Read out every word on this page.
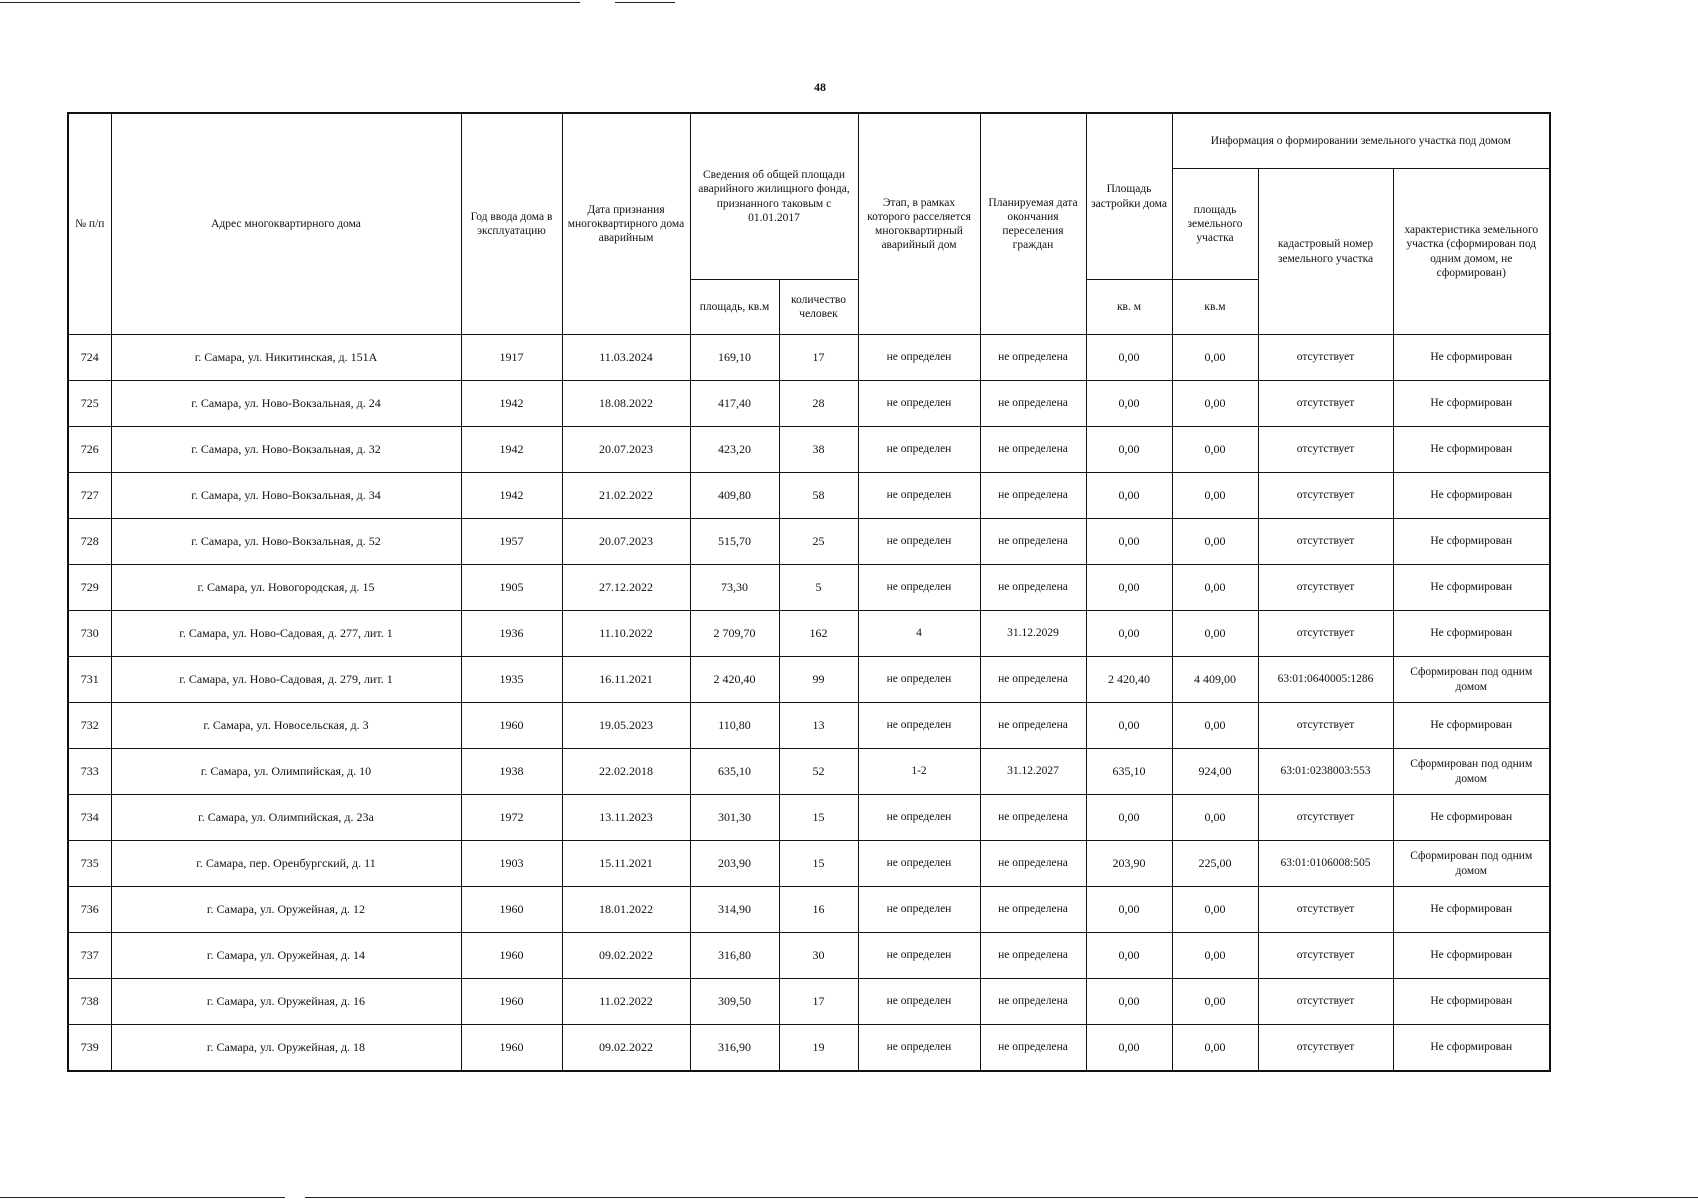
48
№ п/п	Адрес многоквартирного дома	Год ввода дома в эксплуатацию	Дата признания многоквартирного дома аварийным	Сведения об общей площади аварийного жилищного фонда, признанного таковым с 01.01.2017		Этап, в рамках которого расселяется многоквартирный аварийный дом	Планируемая дата окончания переселения граждан	Площадь застройки дома	Информация о формировании земельного участка под домом		
									площадь земельного участка	кадастровый номер земельного участка	характеристика земельного участка (сформирован под одним домом, не сформирован)
				площадь, кв.м	количество человек			кв. м	кв.м		
724	г. Самара, ул. Никитинская, д. 151А	1917	11.03.2024	169,10	17	не определен	не определена	0,00	0,00	отсутствует	Не сформирован
725	г. Самара, ул. Ново-Вокзальная, д. 24	1942	18.08.2022	417,40	28	не определен	не определена	0,00	0,00	отсутствует	Не сформирован
726	г. Самара, ул. Ново-Вокзальная, д. 32	1942	20.07.2023	423,20	38	не определен	не определена	0,00	0,00	отсутствует	Не сформирован
727	г. Самара, ул. Ново-Вокзальная, д. 34	1942	21.02.2022	409,80	58	не определен	не определена	0,00	0,00	отсутствует	Не сформирован
728	г. Самара, ул. Ново-Вокзальная, д. 52	1957	20.07.2023	515,70	25	не определен	не определена	0,00	0,00	отсутствует	Не сформирован
729	г. Самара, ул. Новогородская, д. 15	1905	27.12.2022	73,30	5	не определен	не определена	0,00	0,00	отсутствует	Не сформирован
730	г. Самара, ул. Ново-Садовая, д. 277, лит. 1	1936	11.10.2022	2 709,70	162	4	31.12.2029	0,00	0,00	отсутствует	Не сформирован
731	г. Самара, ул. Ново-Садовая, д. 279, лит. 1	1935	16.11.2021	2 420,40	99	не определен	не определена	2 420,40	4 409,00	63:01:0640005:1286	Сформирован под одним домом
732	г. Самара, ул. Новосельская, д. 3	1960	19.05.2023	110,80	13	не определен	не определена	0,00	0,00	отсутствует	Не сформирован
733	г. Самара, ул. Олимпийская, д. 10	1938	22.02.2018	635,10	52	1-2	31.12.2027	635,10	924,00	63:01:0238003:553	Сформирован под одним домом
734	г. Самара, ул. Олимпийская, д. 23а	1972	13.11.2023	301,30	15	не определен	не определена	0,00	0,00	отсутствует	Не сформирован
735	г. Самара, пер. Оренбургский, д. 11	1903	15.11.2021	203,90	15	не определен	не определена	203,90	225,00	63:01:0106008:505	Сформирован под одним домом
736	г. Самара, ул. Оружейная, д. 12	1960	18.01.2022	314,90	16	не определен	не определена	0,00	0,00	отсутствует	Не сформирован
737	г. Самара, ул. Оружейная, д. 14	1960	09.02.2022	316,80	30	не определен	не определена	0,00	0,00	отсутствует	Не сформирован
738	г. Самара, ул. Оружейная, д. 16	1960	11.02.2022	309,50	17	не определен	не определена	0,00	0,00	отсутствует	Не сформирован
739	г. Самара, ул. Оружейная, д. 18	1960	09.02.2022	316,90	19	не определен	не определена	0,00	0,00	отсутствует	Не сформирован
